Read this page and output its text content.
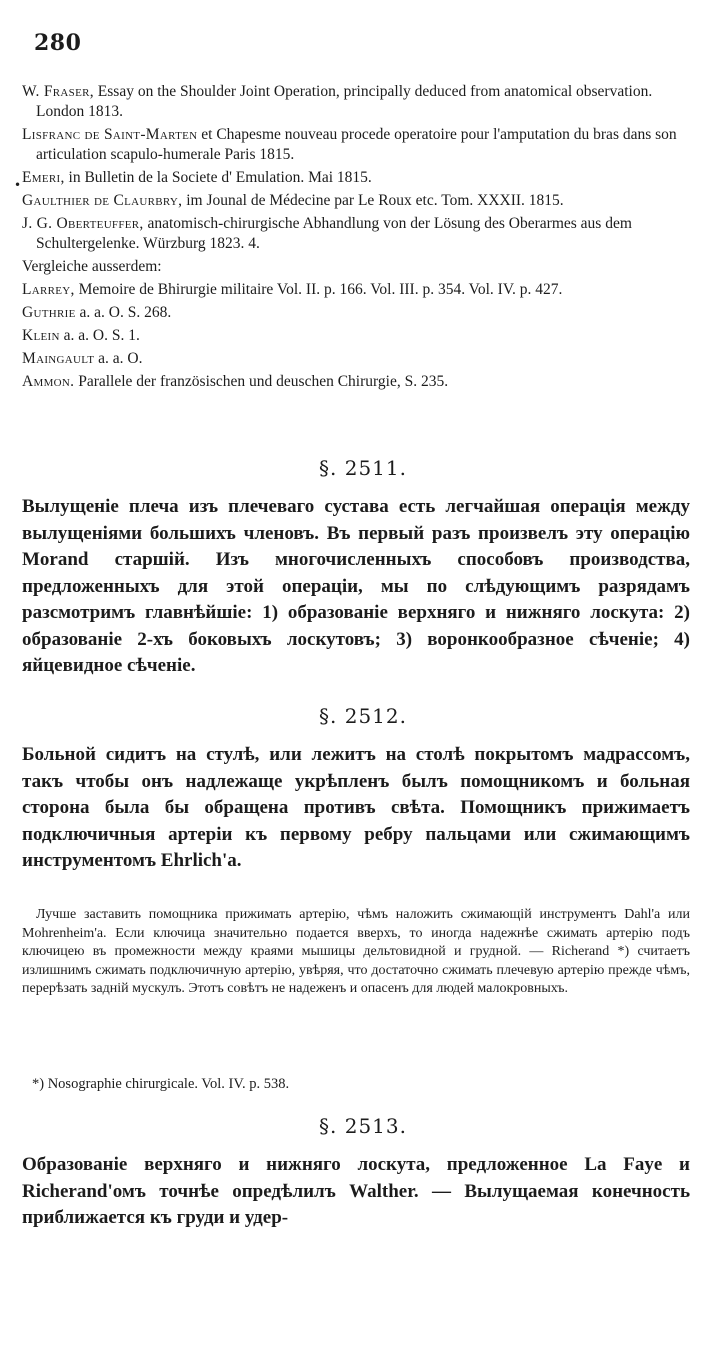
280
•

W. Fraser, Essay on the Shoulder Joint Operation, principally deduced from anatomical observation. London 1813.

Lisfranc de Saint-Marten et Chapesme nouveau procede operatoire pour l'amputation du bras dans son articulation scapulo-humerale Paris 1815.

Emeri, in Bulletin de la Societe d' Emulation. Mai 1815.

Gaulthier de Claurbry, im Jounal de Médecine par Le Roux etc. Tom. XXXII. 1815.

J. G. Oberteuffer, anatomisch-chirurgische Abhandlung von der Lösung des Oberarmes aus dem Schultergelenke. Würzburg 1823. 4.

Vergleiche ausserdem:

Larrey, Memoire de Bhirurgie militaire Vol. II. p. 166. Vol. III. p. 354. Vol. IV. p. 427.

Guthrie a. a. O. S. 268.

Klein a. a. O. S. 1.

Maingault a. a. O.

Ammon. Parallele der französischen und deuschen Chirurgie, S. 235.

§. 2511.
Вылущеніе плеча изъ плечеваго сустава есть легчайшая операція между вылущеніями большихъ членовъ. Въ первый разъ произвелъ эту операцію Morand старшій. Изъ многочисленныхъ способовъ производства, предложенныхъ для этой операціи, мы по слѣдующимъ разрядамъ разсмотримъ главнѣйшіе: 1) образованіе верхняго и нижняго лоскута: 2) образованіе 2-хъ боковыхъ лоскутовъ; 3) воронкообразное сѣченіе; 4) яйцевидное сѣченіе.
§. 2512.
Больной сидитъ на стулѣ, или лежитъ на столѣ покрытомъ мадрассомъ, такъ чтобы онъ надлежаще укрѣпленъ былъ помощникомъ и больная сторона была бы обращена противъ свѣта. Помощникъ прижимаетъ подключичныя артеріи къ первому ребру пальцами или сжимающимъ инструментомъ Ehrlich'a.
Лучше заставить помощника прижимать артерію, чѣмъ наложить сжимающій инструментъ Dahl'a или Mohrenheim'a. Если ключица значительно подается вверхъ, то иногда надежнѣе сжимать артерію подъ ключицею въ промежности между краями мышицы дельтовидной и грудной. — Richerand *) считаетъ излишнимъ сжимать подключичную артерію, увѣряя, что достаточно сжимать плечевую артерію прежде чѣмъ, перерѣзать задній мускулъ. Этотъ совѣтъ не надеженъ и опасенъ для людей малокровныхъ.
*) Nosographie chirurgicale. Vol. IV. p. 538.
§. 2513.
Образованіе верхняго и нижняго лоскута, предложенное La Faye и Richerand'омъ точнѣе опредѣлилъ Walther. — Вылущаемая конечность приближается къ груди и удер-
